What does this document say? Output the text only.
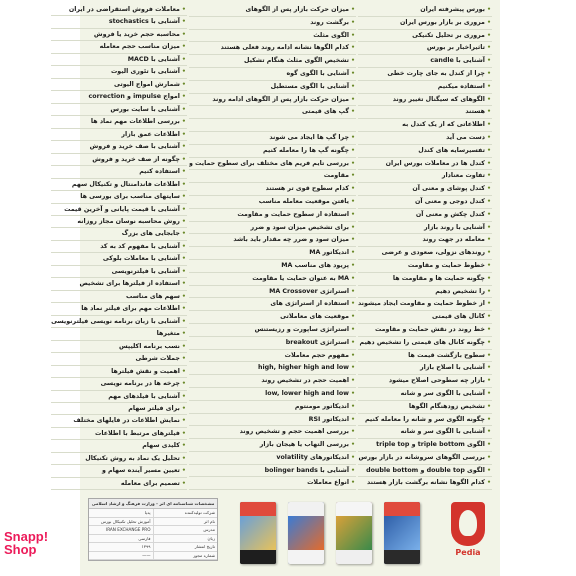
•بورس پیشرفته ایران
•مروری بر بازار بورس ایران
•مروری بر تحلیل تکنیکی
•تاثیراخبار بر بورس
•آشنایی با candle
•چرا از کندل به جای چارت خطی
•استفاده میکنیم
•الگوهای که سیگنال تغییر روند
•هستند
•اطلاعاتی که از یک کندل به
•دست می آید
•تفسیرسایه های کندل
•کندل ها در معاملات بورس ایران
•تفاوت معنادار
•کندل پوشای و معنی آن
•کندل دوجی و معنی آن
•کندل چکش و معنی آن
•آشنایی با روند بازار
•معامله در جهت روند
•روندهای نزولی، صعودی و عرضی
•خطوط حمایت و مقاومت
•چگونه حمایت ها و مقاومت ها
•را تشخیص دهیم
•از خطوط حمایت و مقاومت ایجاد میشوند
•کانال های قیمتی
•خط روند در نقش حمایت و مقاومت
•چگونه کانال های قیمتی را تشخیص دهیم
•سطوح بازگشت قیمت ها
•آشنایی با اصلاح بازار
•بازار چه سطوحی اصلاح میشود
•آشنایی با الگوی سر و شانه
•تشخیص زودهنگام الگوها
•چگونه الگوی سر و شانه را معامله کنیم
•آشنایی با الگوی سر و شانه
•الگوی triple bottom و triple top
•بررسی الگوهای سروشانه در بازار بورس
•الگوی double top و double bottom
•کدام الگوها نشانه برگشت بازار هستند
•میزان حرکت بازار پس از الگوهای
•برگشت روند
•الگوی مثلث
•کدام الگوها نشانه ادامه روند فعلی هستند
•تشخیص الگوی مثلث هنگام تشکیل
•آشنایی با الگوی گوه
•آشنایی با الگوی مستطیل
•میزان حرکت بازار پس از الگوهای ادامه روند
•گپ های قیمتی
•چرا گپ ها ایجاد می شوند
•چگونه گپ ها را معامله کنیم
•بررسی تایم فریم های مختلف برای سطوح حمایت و
•مقاومت
•کدام سطوح قوی تر هستند
•یافتن موقعیت معامله مناسب
•استفاده از سطوح حمایت و مقاومت
•برای تشخیص میزان سود و ضرر
•میزان سود و ضرر چه مقدار باید باشد
•اندیکاتور MA
•پریود های مناسب MA
•MA به عنوان حمایت یا مقاومت
•استراتژی MA Crossover
•استفاده از استراتژی های
•موقعیت های معاملاتی
•استراتژی ساپورت و رزیستنس
•استراتژی breakout
•مفهوم حجم معاملات
•high, higher high and low
•اهمیت حجم در تشخیص روند
•low, lower high and low
•اندیکاتور مومنتوم
•اندیکاتور RSI
•بررسی اهمیت حجم و تشخیص روند
•بررسی التهاب یا هیجان بازار
•اندیکاتورهای volatility
•آشنایی با bolinger bands
•انواع معاملات
•معاملات فروش استقراضی در ایران
•آشنایی با stochastics
•محاسبه حجم خرید یا فروش
•میزان مناسب حجم معامله
•آشنایی با MACD
•آشنایی با تئوری الیوت
•شمارش امواج الیوتی
•امواج impulse و correction
•آشنایی با سایت بورس
•بررسی اطلاعات مهم نماد ها
•اطلاعات عمق بازار
•آشنایی با صف خرید و فروش
•چگونه از صف خرید و فروش
•استفاده کنیم
•اطلاعات فاندامنتال و تکنیکال سهم
•سایتهای مناسب برای بورسی ها
•آشنایی با قیمت پایانی و آخرین قیمت
•روش محاسبه نوسان مجاز روزانه
•جابجایی های بزرگ
•آشنایی با مفهوم کد به کد
•آشنایی با معاملات بلوکی
•آشنایی با فیلترنویسی
•استفاده از فیلترها برای تشخیص
•سهم های مناسب
•اطلاعات مهم برای فیلتر نماد ها
•آشنایی با زبان برنامه نویسی فیلترنویسی
•متغیرها
•نسب برنامه اکلیپس
•جملات شرطی
•اهمیت و نقش فیلترها
•چرخه ها در برنامه نویسی
•آشنایی با فیلدهای مهم
•برای فیلتر سهام
•نمایش اطلاعات در فایلهای مختلف
•فیلترهای مرتبط با اطلاعات
•کلیدی سهام
•تحلیل یک نماد به روش تکنیکال
•تعیین مسیر آینده سهام و
•تصمیم برای معامله
مشخصات شناسنامه ای اثر - وزارت فرهنگ و ارشاد اسلامی
شرکت تولیدکننده
پدیا
نام اثر
آموزش تحلیل تکنیکال بورس
مدرس
IRAN EXCHANGE PRO
زبان
فارسی
تاریخ انتشار
۱۳۹۹
شماره مجوز
——	Pedia
Snapp!
Shop
